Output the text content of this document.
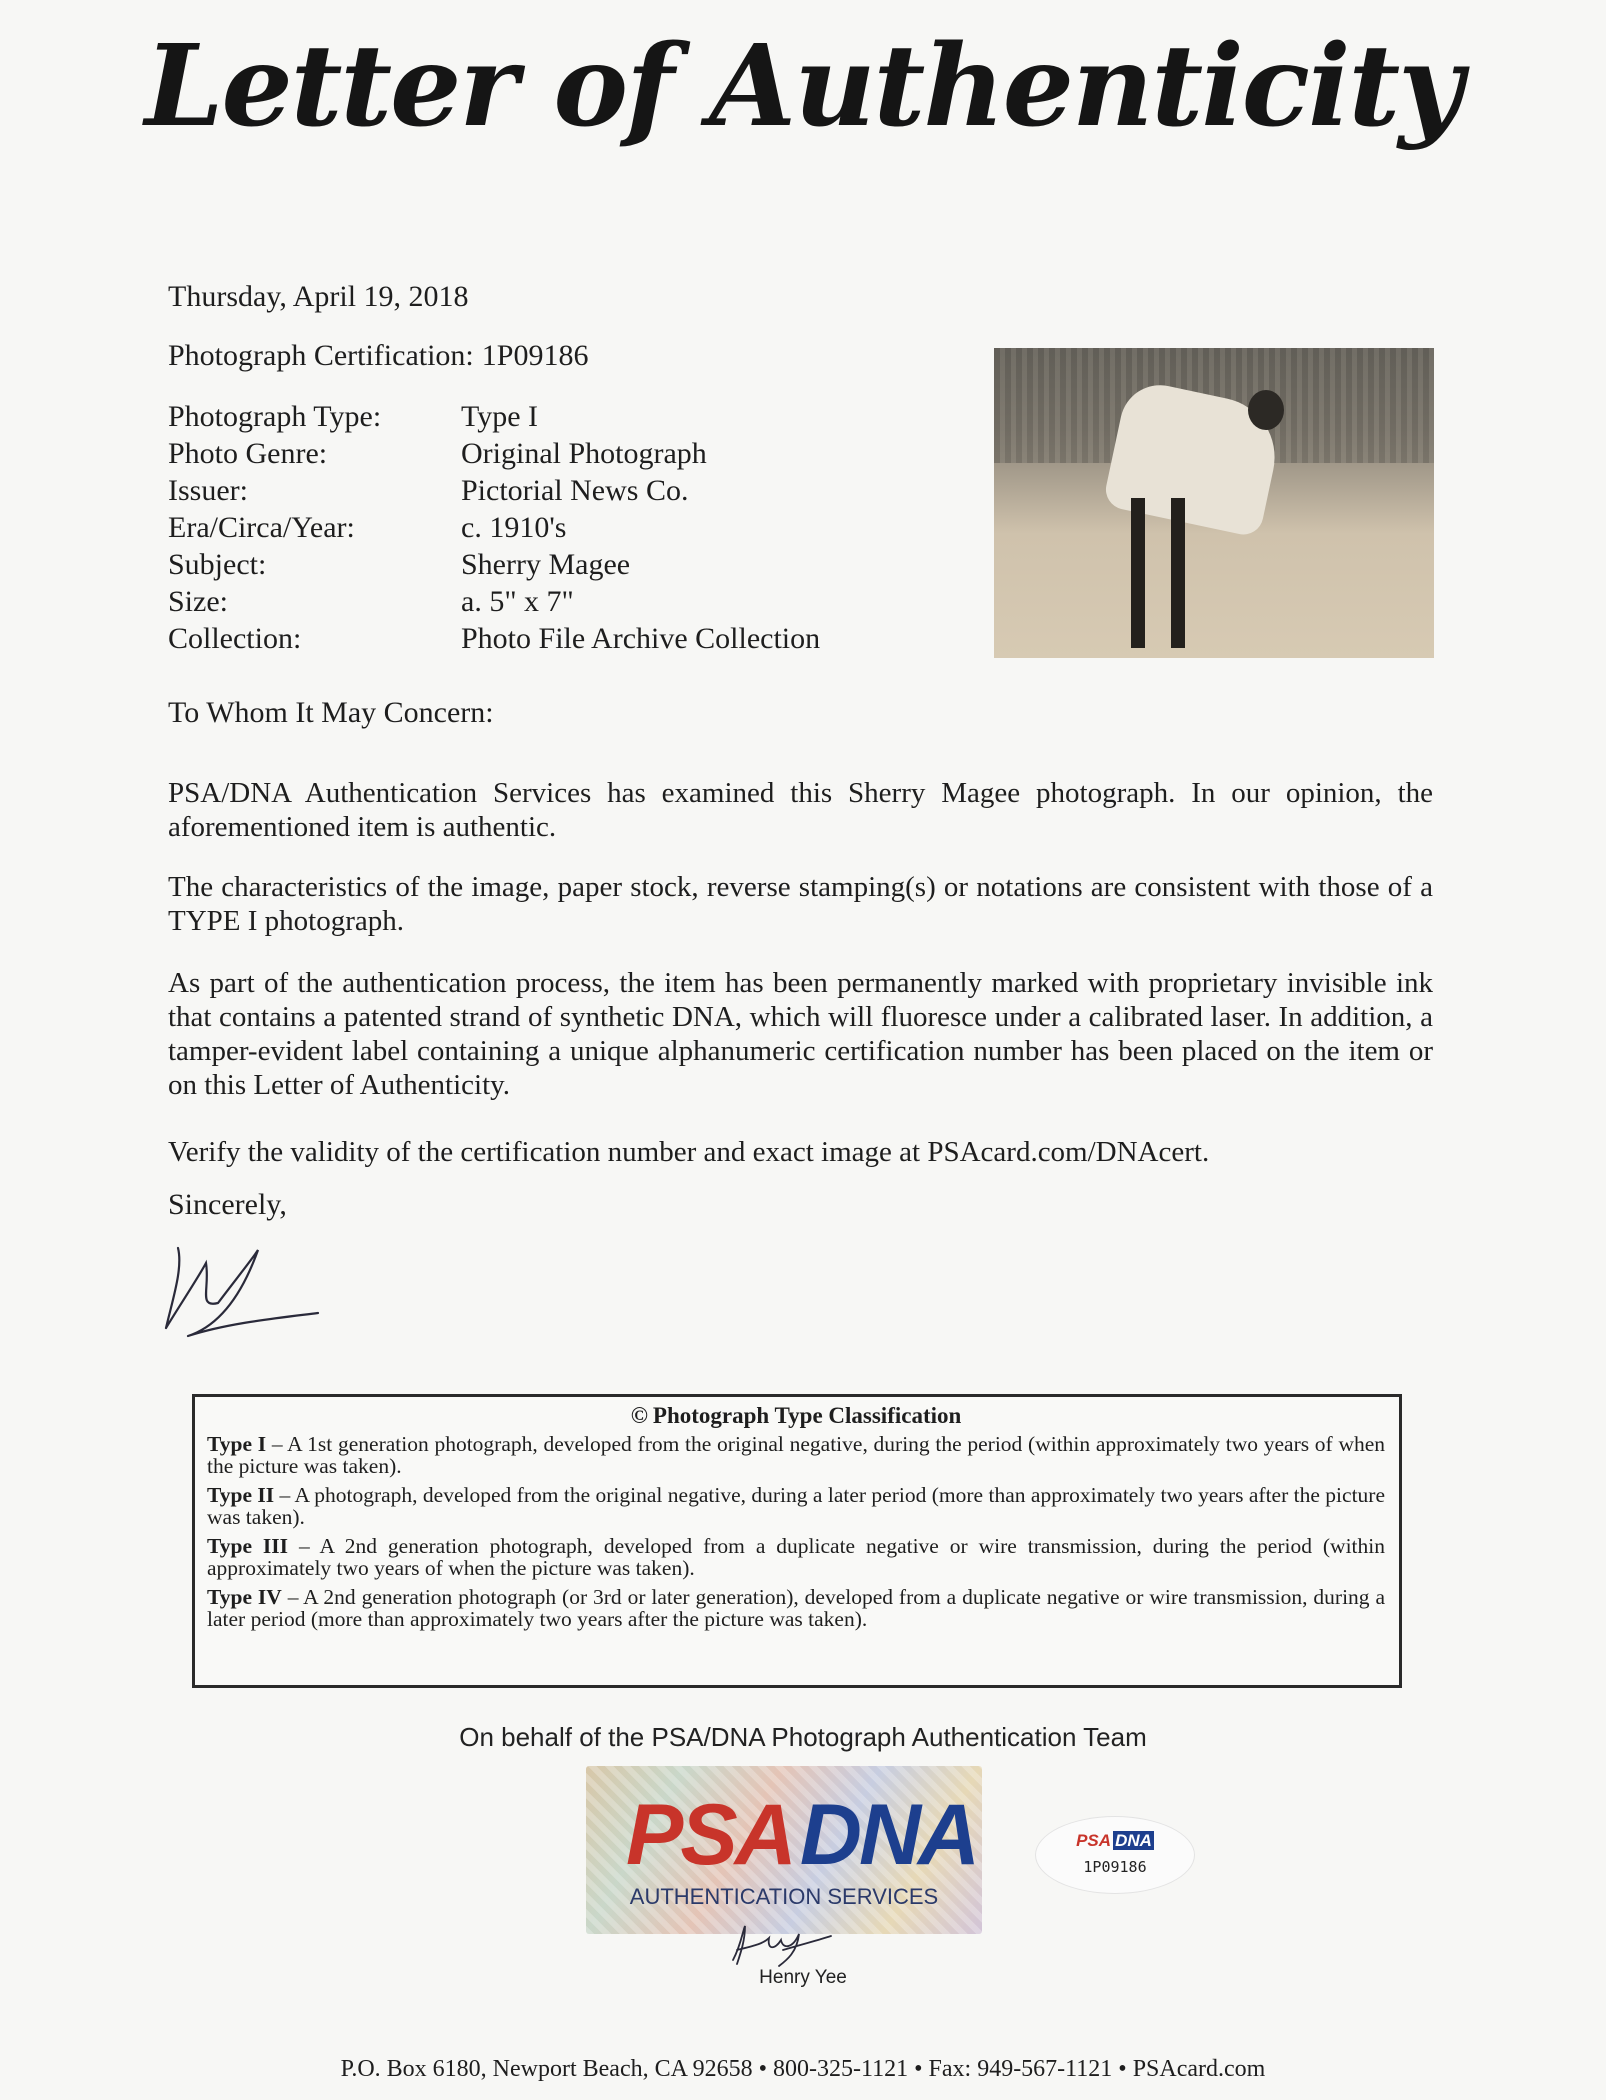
Letter of Authenticity
Thursday, April 19, 2018
Photograph Certification: 1P09186
Photograph Type:	Type I
Photo Genre:	Original Photograph
Issuer:	Pictorial News Co.
Era/Circa/Year:	c. 1910's
Subject:	Sherry Magee
Size:	a. 5" x 7"
Collection:	Photo File Archive Collection
To Whom It May Concern:
PSA/DNA Authentication Services has examined this Sherry Magee photograph. In our opinion, the aforementioned item is authentic.
The characteristics of the image, paper stock, reverse stamping(s) or notations are consistent with those of a TYPE I photograph.
As part of the authentication process, the item has been permanently marked with proprietary invisible ink that contains a patented strand of synthetic DNA, which will fluoresce under a calibrated laser. In addition, a tamper-evident label containing a unique alphanumeric certification number has been placed on the item or on this Letter of Authenticity.
Verify the validity of the certification number and exact image at PSAcard.com/DNAcert.
Sincerely,
© Photograph Type Classification
Type I – A 1st generation photograph, developed from the original negative, during the period (within approximately two years of when the picture was taken).
Type II – A photograph, developed from the original negative, during a later period (more than approximately two years after the picture was taken).
Type III – A 2nd generation photograph, developed from a duplicate negative or wire transmission, during the period (within approximately two years of when the picture was taken).
Type IV – A 2nd generation photograph (or 3rd or later generation), developed from a duplicate negative or wire transmission, during a later period (more than approximately two years after the picture was taken).
On behalf of the PSA/DNA Photograph Authentication Team
PSADNA
AUTHENTICATION SERVICES
PSA DNA
1P09186
Henry Yee
P.O. Box 6180, Newport Beach, CA 92658 • 800-325-1121 • Fax: 949-567-1121 • PSAcard.com
